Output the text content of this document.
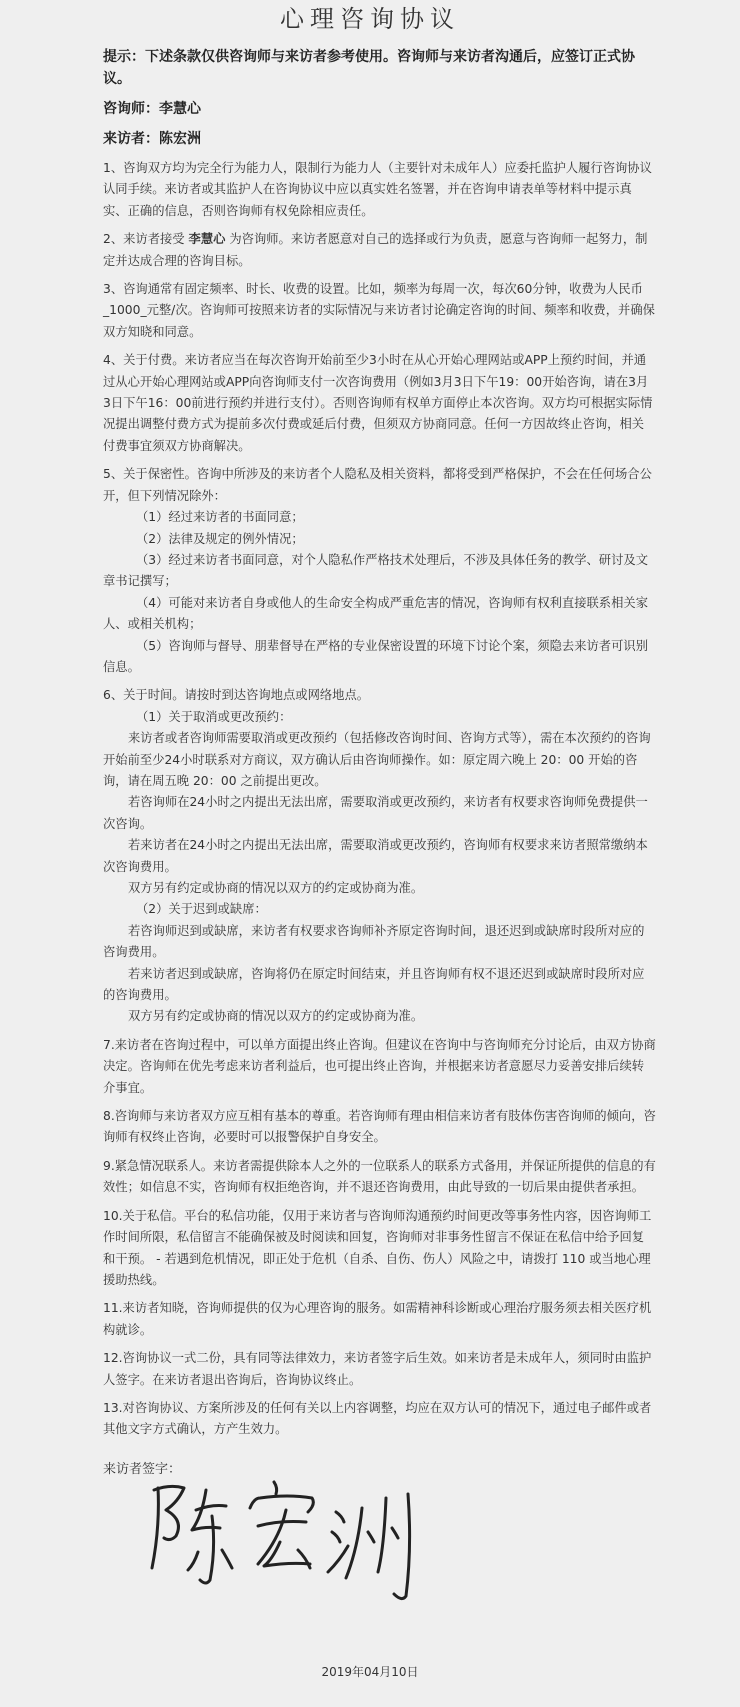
心理咨询协议
提示：下述条款仅供咨询师与来访者参考使用。咨询师与来访者沟通后，应签订正式协议。
咨询师：李慧心
来访者：陈宏洲
1、咨询双方均为完全行为能力人，限制行为能力人（主要针对未成年人）应委托监护人履行咨询协议认同手续。来访者或其监护人在咨询协议中应以真实姓名签署，并在咨询申请表单等材料中提示真实、正确的信息，否则咨询师有权免除相应责任。
2、来访者接受 李慧心 为咨询师。来访者愿意对自己的选择或行为负责，愿意与咨询师一起努力，制定并达成合理的咨询目标。
3、咨询通常有固定频率、时长、收费的设置。比如，频率为每周一次，每次60分钟，收费为人民币_1000_元整/次。咨询师可按照来访者的实际情况与来访者讨论确定咨询的时间、频率和收费，并确保双方知晓和同意。
4、关于付费。来访者应当在每次咨询开始前至少3小时在从心开始心理网站或APP上预约时间，并通过从心开始心理网站或APP向咨询师支付一次咨询费用（例如3月3日下午19：00开始咨询，请在3月3日下午16：00前进行预约并进行支付）。否则咨询师有权单方面停止本次咨询。双方均可根据实际情况提出调整付费方式为提前多次付费或延后付费，但须双方协商同意。任何一方因故终止咨询，相关付费事宜须双方协商解决。

5、关于保密性。咨询中所涉及的来访者个人隐私及相关资料，都将受到严格保护，不会在任何场合公开，但下列情况除外：

（1）经过来访者的书面同意；

（2）法律及规定的例外情况；

（3）经过来访者书面同意，对个人隐私作严格技术处理后，不涉及具体任务的教学、研讨及文章书记撰写；

（4）可能对来访者自身或他人的生命安全构成严重危害的情况，咨询师有权利直接联系相关家人、或相关机构；

（5）咨询师与督导、朋辈督导在严格的专业保密设置的环境下讨论个案，须隐去来访者可识别信息。

6、关于时间。请按时到达咨询地点或网络地点。

（1）关于取消或更改预约：

来访者或者咨询师需要取消或更改预约（包括修改咨询时间、咨询方式等），需在本次预约的咨询开始前至少24小时联系对方商议，双方确认后由咨询师操作。如：原定周六晚上 20：00 开始的咨询，请在周五晚 20：00 之前提出更改。

若咨询师在24小时之内提出无法出席，需要取消或更改预约，来访者有权要求咨询师免费提供一次咨询。

若来访者在24小时之内提出无法出席，需要取消或更改预约，咨询师有权要求来访者照常缴纳本次咨询费用。

双方另有约定或协商的情况以双方的约定或协商为准。

（2）关于迟到或缺席：

若咨询师迟到或缺席，来访者有权要求咨询师补齐原定咨询时间，退还迟到或缺席时段所对应的咨询费用。

若来访者迟到或缺席，咨询将仍在原定时间结束，并且咨询师有权不退还迟到或缺席时段所对应的咨询费用。

双方另有约定或协商的情况以双方的约定或协商为准。

7.来访者在咨询过程中，可以单方面提出终止咨询。但建议在咨询中与咨询师充分讨论后，由双方协商决定。咨询师在优先考虑来访者利益后，也可提出终止咨询，并根据来访者意愿尽力妥善安排后续转介事宜。
8.咨询师与来访者双方应互相有基本的尊重。若咨询师有理由相信来访者有肢体伤害咨询师的倾向，咨询师有权终止咨询，必要时可以报警保护自身安全。
9.紧急情况联系人。来访者需提供除本人之外的一位联系人的联系方式备用，并保证所提供的信息的有效性；如信息不实，咨询师有权拒绝咨询，并不退还咨询费用，由此导致的一切后果由提供者承担。
10.关于私信。平台的私信功能，仅用于来访者与咨询师沟通预约时间更改等事务性内容，因咨询师工作时间所限，私信留言不能确保被及时阅读和回复，咨询师对非事务性留言不保证在私信中给予回复和干预。 - 若遇到危机情况，即正处于危机（自杀、自伤、伤人）风险之中，请拨打 110 或当地心理援助热线。
11.来访者知晓，咨询师提供的仅为心理咨询的服务。如需精神科诊断或心理治疗服务须去相关医疗机构就诊。
12.咨询协议一式二份，具有同等法律效力，来访者签字后生效。如来访者是未成年人，须同时由监护人签字。在来访者退出咨询后，咨询协议终止。
13.对咨询协议、方案所涉及的任何有关以上内容调整，均应在双方认可的情况下，通过电子邮件或者其他文字方式确认，方产生效力。
来访者签字：
2019年04月10日
